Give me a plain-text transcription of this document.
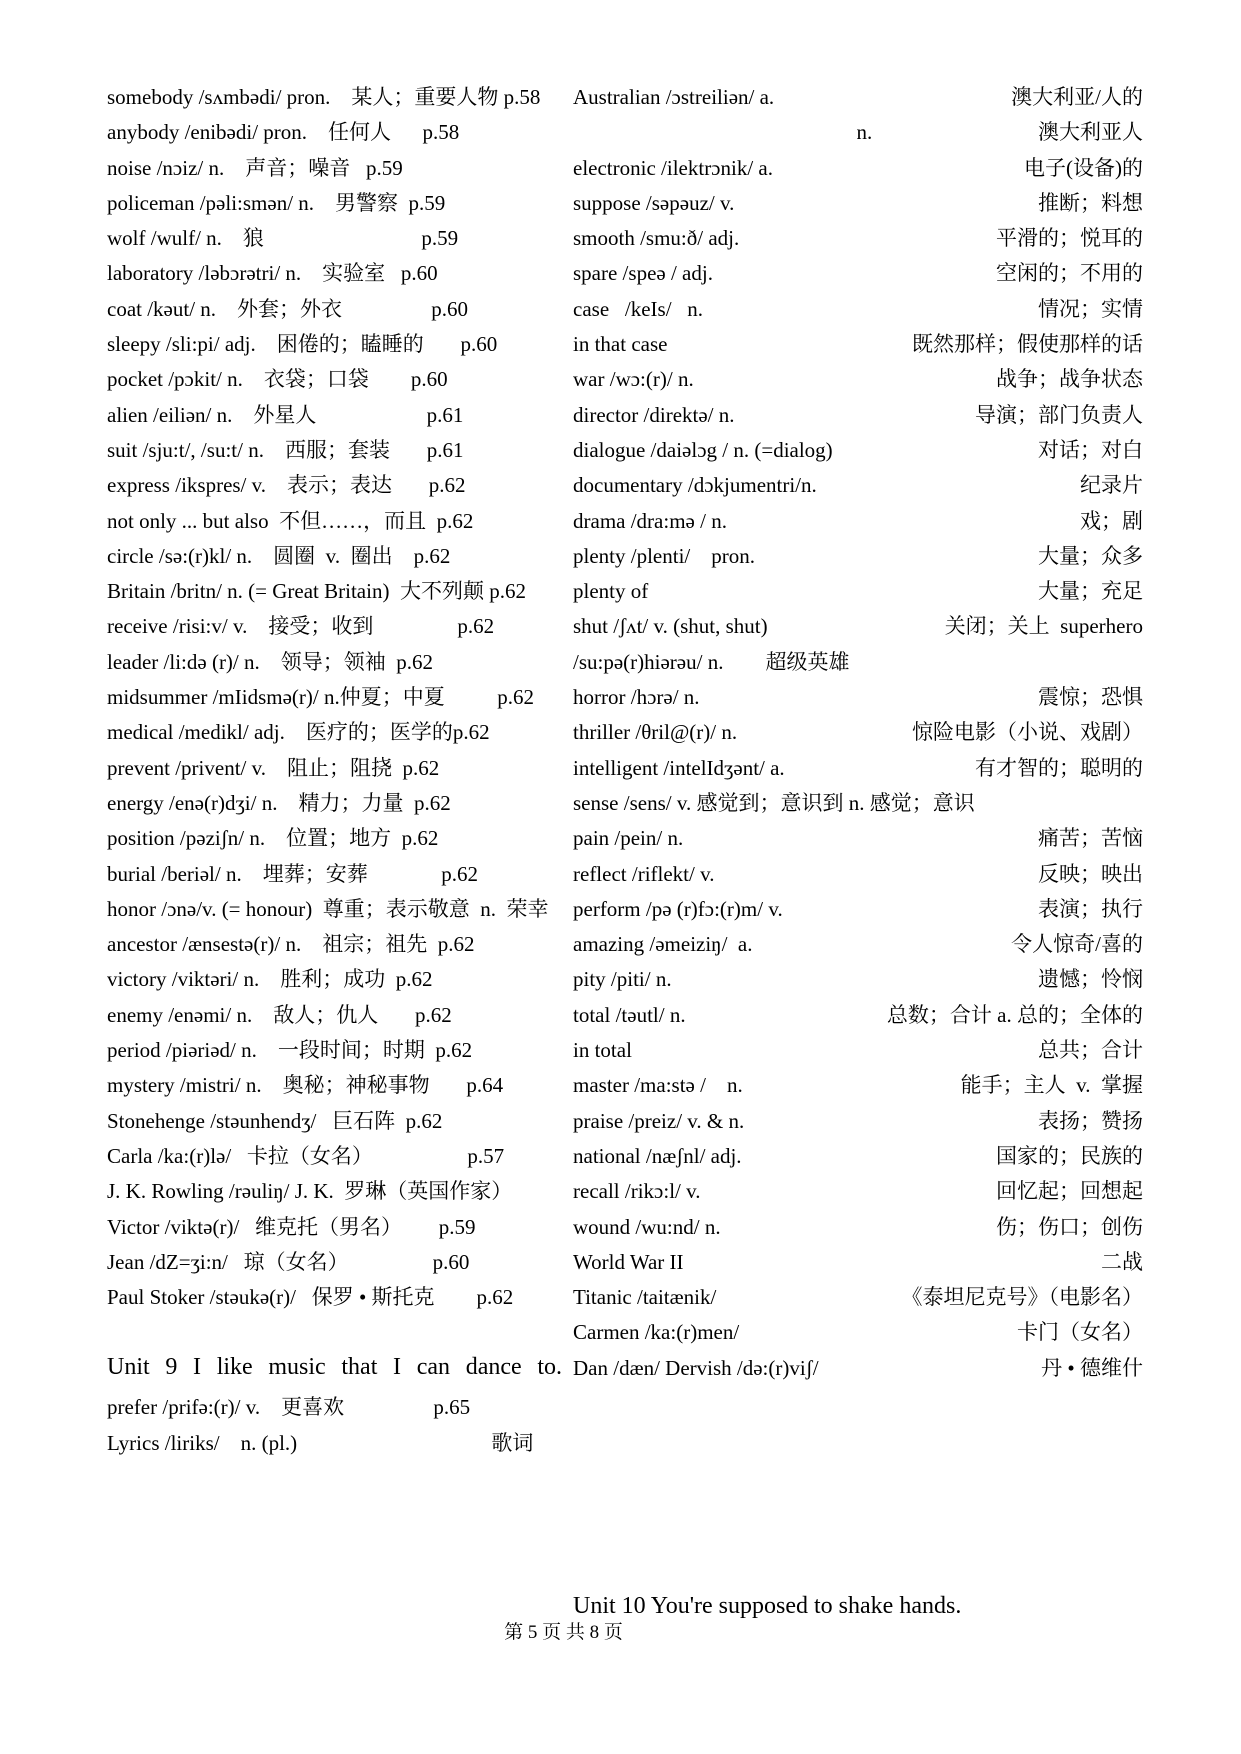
somebody /sʌmbədi/ pron.    某人；重要人物 p.58
anybody /enibədi/ pron.    任何人      p.58
noise /nɔiz/ n.    声音；噪音   p.59
policeman /pəli:smən/ n.    男警察  p.59
wolf /wulf/ n.    狼                              p.59
laboratory /ləbɔrətri/ n.    实验室   p.60
coat /kəut/ n.    外套；外衣                 p.60
sleepy /sli:pi/ adj.    困倦的；瞌睡的       p.60
pocket /pɔkit/ n.    衣袋；口袋        p.60
alien /eiliən/ n.    外星人                     p.61
suit /sju:t/, /su:t/ n.    西服；套装       p.61
express /ikspres/ v.    表示；表达       p.62
not only ... but also  不但……，而且  p.62
circle /sə:(r)kl/ n.    圆圈  v.  圈出    p.62
Britain /britn/ n. (= Great Britain)  大不列颠 p.62
receive /risi:v/ v.    接受；收到                p.62
leader /li:də (r)/ n.    领导；领袖  p.62
midsummer /mIidsmə(r)/ n.仲夏；中夏          p.62
medical /medikl/ adj.    医疗的；医学的p.62
prevent /privent/ v.    阻止；阻挠  p.62
energy /enə(r)dʒi/ n.    精力；力量  p.62
position /pəziʃn/ n.    位置；地方  p.62
burial /beriəl/ n.    埋葬；安葬              p.62
honor /ɔnə/v. (= honour)  尊重；表示敬意  n.  荣幸
ancestor /ænsestə(r)/ n.    祖宗；祖先  p.62
victory /viktəri/ n.    胜利；成功  p.62
enemy /enəmi/ n.    敌人；仇人       p.62
period /piəriəd/ n.    一段时间；时期  p.62
mystery /mistri/ n.    奥秘；神秘事物       p.64
Stonehenge /stəunhendʒ/   巨石阵  p.62
Carla /ka:(r)lə/   卡拉（女名）                  p.57
J. K. Rowling /rəuliŋ/ J. K.  罗琳（英国作家）
Victor /viktə(r)/   维克托（男名）       p.59
Jean /dZ=ʒi:n/   琼（女名）                p.60
Paul Stoker /stəukə(r)/   保罗 • 斯托克        p.62
Unit 9 I like music that I can dance to.
prefer /prifə:(r)/ v.    更喜欢                 p.65
Lyrics /liriks/    n. (pl.)                                     歌词
Australian /ɔstreiliən/ a.	澳大利亚/人的
n.	澳大利亚人
electronic /ilektrɔnik/ a.	电子(设备)的
suppose /səpəuz/ v.	推断；料想
smooth /smu:ð/ adj.	平滑的；悦耳的
spare /speə / adj.	空闲的；不用的
case   /keIs/   n.	情况；实情
in that case	既然那样；假使那样的话
war /wɔ:(r)/ n.	战争；战争状态
director /direktə/ n.	导演；部门负责人
dialogue /daiəlɔg / n. (=dialog)	对话；对白
documentary /dɔkjumentri/n.	纪录片
drama /dra:mə / n.	戏；剧
plenty /plenti/    pron.	大量；众多
plenty of	大量；充足
shut /ʃʌt/ v. (shut, shut)	关闭；关上  superhero
/su:pə(r)hiərəu/ n.        超级英雄
horror /hɔrə/ n.	震惊；恐惧
thriller /θril@(r)/ n.	惊险电影（小说、戏剧）
intelligent /intelIdʒənt/ a.	有才智的；聪明的
sense /sens/ v. 感觉到；意识到 n. 感觉；意识
pain /pein/ n.	痛苦；苦恼
reflect /riflekt/ v.	反映；映出
perform /pə (r)fɔ:(r)m/ v.	表演；执行
amazing /əmeiziŋ/  a.	令人惊奇/喜的
pity /piti/ n.	遗憾；怜悯
total /təutl/ n.	总数；合计 a. 总的；全体的
in total	总共；合计
master /ma:stə /    n.	能手；主人  v.  掌握
praise /preiz/ v. & n.	表扬；赞扬
national /næʃnl/ adj.	国家的；民族的
recall /rikɔ:l/ v.	回忆起；回想起
wound /wu:nd/ n.	伤；伤口；创伤
World War II	二战
Titanic /taitænik/	《泰坦尼克号》（电影名）
Carmen /ka:(r)men/	卡门（女名）
Dan /dæn/ Dervish /də:(r)viʃ/	丹 • 德维什
Unit 10 You're supposed to shake hands.
第 5 页 共 8 页
